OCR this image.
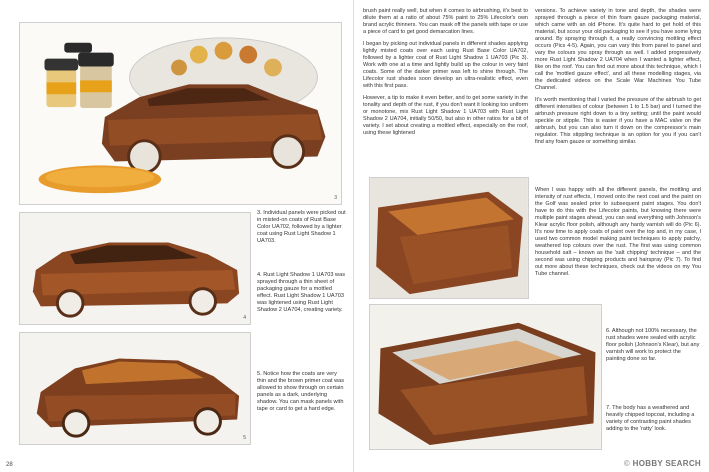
3
4
5

3. Individual panels were picked out in misted-on coats of Rust Base Color UA702, followed by a lighter coat using Rust Light Shadow 1 UA703.

4. Rust Light Shadow 1 UA703 was sprayed through a thin sheet of packaging gauze for a mottled effect. Rust Light Shadow 1 UA703 was lightened using Rust Light Shadow 2 UA704, creating variety.

5. Notice how the coats are very thin and the brown primer coat was allowed to show through on certain panels as a dark, underlying shadow. You can mask panels with tape or card to get a hard edge.

28

brush paint really well, but when it comes to airbrushing, it's best to dilute them at a ratio of about 75% paint to 25% Lifecolor's own brand acrylic thinners. You can mask off the panels with tape or use a piece of card to get good demarcation lines.

I began by picking out individual panels in different shades applying lightly misted coats over each using Rust Base Color UA702, followed by a lighter coat of Rust Light Shadow 1 UA703 (Pic 3). Work with one at a time and lightly build up the colour in very faint coats. Some of the darker primer was left to shine through. The Lifecolor rust shades soon develop an ultra-realistic effect, even with this first pass.

However, a tip to make it even better, and to get some variety in the tonality and depth of the rust, if you don't want it looking too uniform or monotone, mix Rust Light Shadow 1 UA703 with Rust Light Shadow 2 UA704, initially 50/50, but also in other ratios for a bit of variety. I set about creating a mottled effect, especially on the roof, using these lightened

versions. To achieve variety in tone and depth, the shades were sprayed through a piece of thin foam gauze packaging material, which came with an old iPhone. It's quite hard to get hold of this material, but scour your old packaging to see if you have some lying around. By spraying through it, a really convincing mottling effect occurs (Pics 4-5). Again, you can vary this from panel to panel and vary the colours you spray through as well. I added progressively more Rust Light Shadow 2 UA704 when I wanted a lighter effect, like on the roof. You can find out more about this technique, which I call the 'mottled gauze effect', and all these modelling stages, via the dedicated videos on the Scale War Machines You Tube Channel.

It's worth mentioning that I varied the pressure of the airbrush to get different intensities of colour (between 1 to 1.5 bar) and I turned the airbrush pressure right down to a tiny setting; until the paint would speckle or stipple. This is easier if you have a MAC valve on the airbrush, but you can also turn it down on the compressor's main regulator. This stippling technique is an option for you if you can't find any foam gauze or something similar.

When I was happy with all the different panels, the mottling and intensity of rust effects, I moved onto the next coat and the paint on the Golf was sealed prior to subsequent paint stages. You don't have to do this with the Lifecolor paints, but knowing there were multiple paint stages ahead, you can seal everything with Johnson's Klear acrylic floor polish, although any hardy varnish will do (Pic 6). It's now time to apply coats of paint over the top and, in my case, I used two common model making paint techniques to apply patchy, weathered top colours over the rust. The first was using common household salt – known as the 'salt chipping' technique – and the second was using chipping products and hairspray (Pic 7). To find out more about these techniques, check out the videos on my You Tube channel.

6. Although not 100% necessary, the rust shades were sealed with acrylic floor polish (Johnson's Klear), but any varnish will work to protect the painting done so far.

7. The body has a weathered and heavily chipped topcoat, including a variety of contrasting paint shades adding to the 'ratty' look.

© HOBBY SEARCH
